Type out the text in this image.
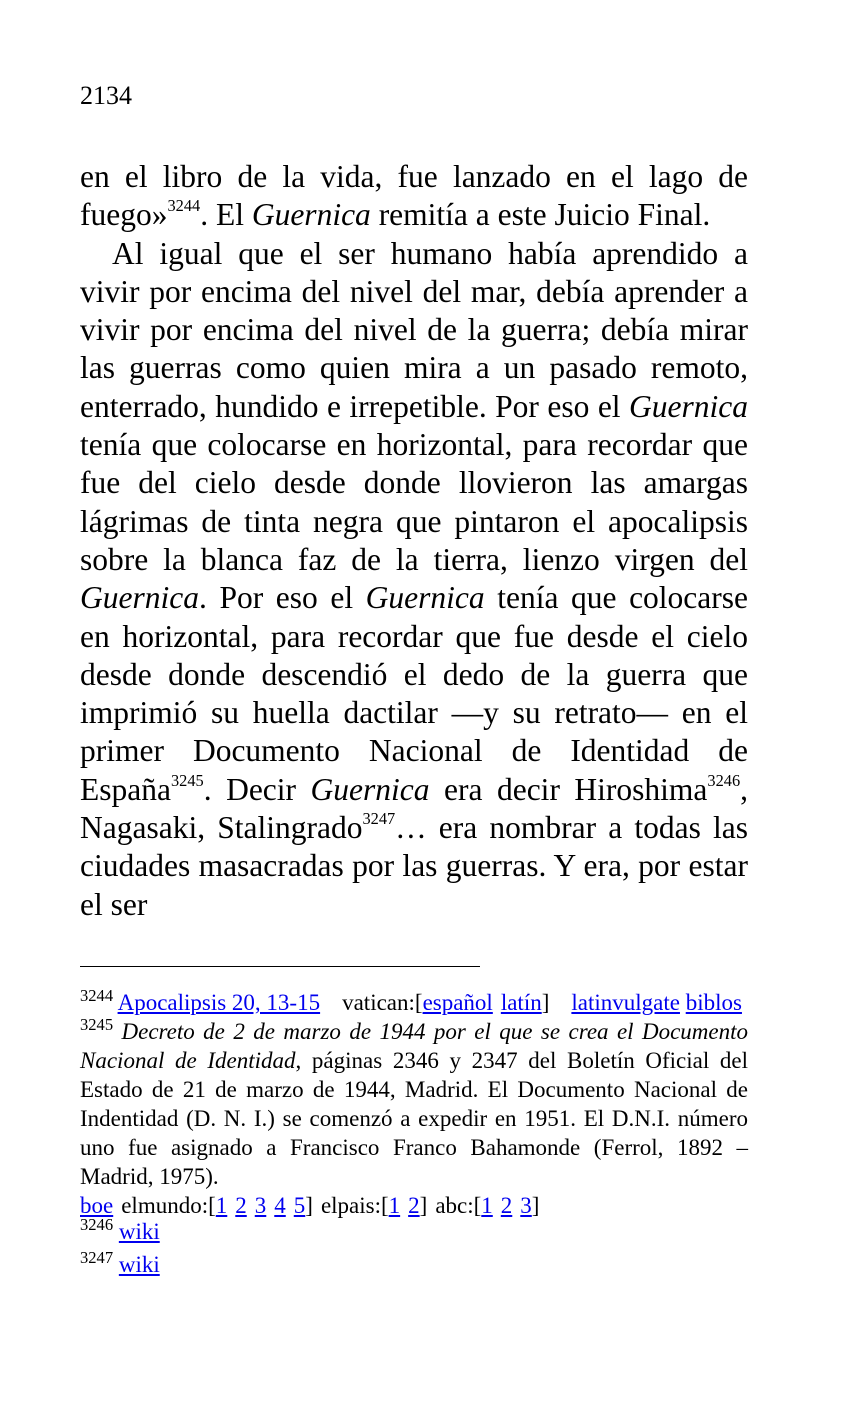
2134

en el libro de la vida, fue lanzado en el lago de fuego»$^{3244}$. El Guernica remitía a este Juicio Final.

Al igual que el ser humano había aprendido a vivir por encima del nivel del mar, debía aprender a vivir por encima del nivel de la guerra; debía mirar las guerras como quien mira a un pasado remoto, enterrado, hundido e irrepetible. Por eso el Guernica tenía que colocarse en horizontal, para recordar que fue del cielo desde donde llovieron las amargas lágrimas de tinta negra que pintaron el apocalipsis sobre la blanca faz de la tierra, lienzo virgen del Guernica. Por eso el Guernica tenía que colocarse en horizontal, para recordar que fue desde el cielo desde donde descendió el dedo de la guerra que imprimió su huella dactilar —y su retrato— en el primer Documento Nacional de Identidad de España$^{3245}$. Decir Guernica era decir Hiroshima$^{3246}$, Nagasaki, Stalingrado$^{3247}$… era nombrar a todas las ciudades masacradas por las guerras. Y era, por estar el ser

$^{3244}$ Apocalipsis 20, 13-15 vatican:[español latín] latinvulgate biblos

$^{3245}$ Decreto de 2 de marzo de 1944 por el que se crea el Documento Nacional de Identidad, páginas 2346 y 2347 del Boletín Oficial del Estado de 21 de marzo de 1944, Madrid. El Documento Nacional de Indentidad (D. N. I.) se comenzó a expedir en 1951. El D.N.I. número uno fue asignado a Francisco Franco Bahamonde (Ferrol, 1892 – Madrid, 1975).

boe elmundo:[1 2 3 4 5] elpais:[1 2] abc:[1 2 3]

$^{3246}$ wiki

$^{3247}$ wiki
